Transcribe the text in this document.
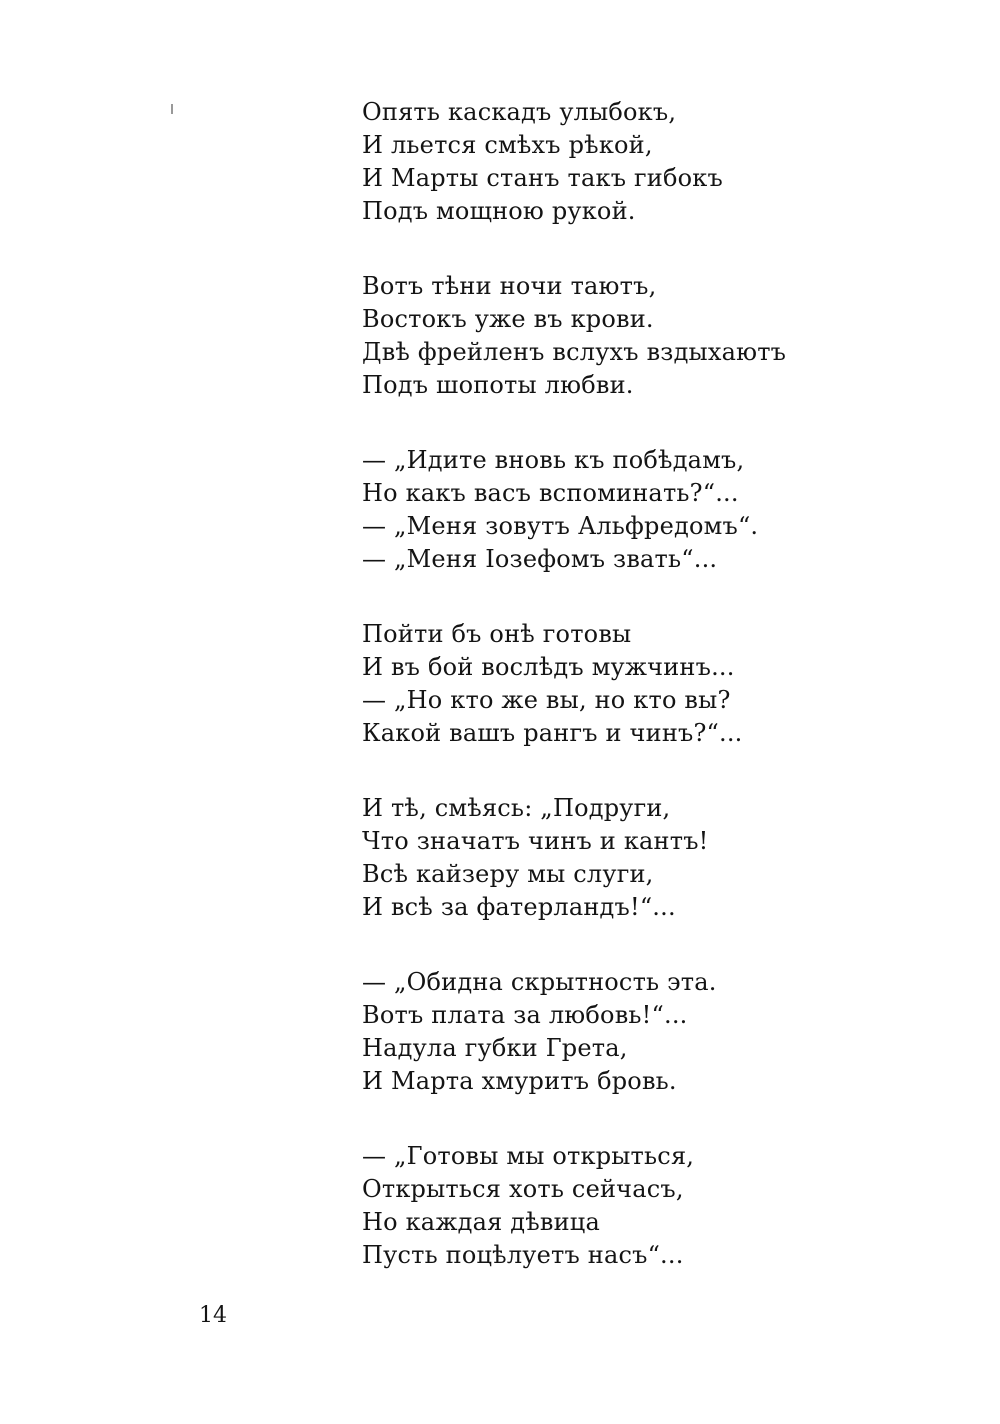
Опять каскадъ улыбокъ,
И льется смѣхъ рѣкой,
И Марты станъ такъ гибокъ
Подъ мощною рукой.
Вотъ тѣни ночи таютъ,
Востокъ уже въ крови.
Двѣ фрейленъ вслухъ вздыхаютъ
Подъ шопоты любви.
— „Идите вновь къ побѣдамъ,
Но какъ васъ вспоминать?“...
— „Меня зовутъ Альфредомъ“.
— „Меня Іозефомъ звать“...
Пойти бъ онѣ готовы
И въ бой вослѣдъ мужчинъ...
— „Но кто же вы, но кто вы?
Какой вашъ рангъ и чинъ?“...
И тѣ, смѣясь: „Подруги,
Что значатъ чинъ и кантъ!
Всѣ кайзеру мы слуги,
И всѣ за фатерландъ!“...
— „Обидна скрытность эта.
Вотъ плата за любовь!“...
Надула губки Грета,
И Марта хмуритъ бровь.
— „Готовы мы открыться,
Открыться хоть сейчасъ,
Но каждая дѣвица
Пусть поцѣлуетъ насъ“...
14
